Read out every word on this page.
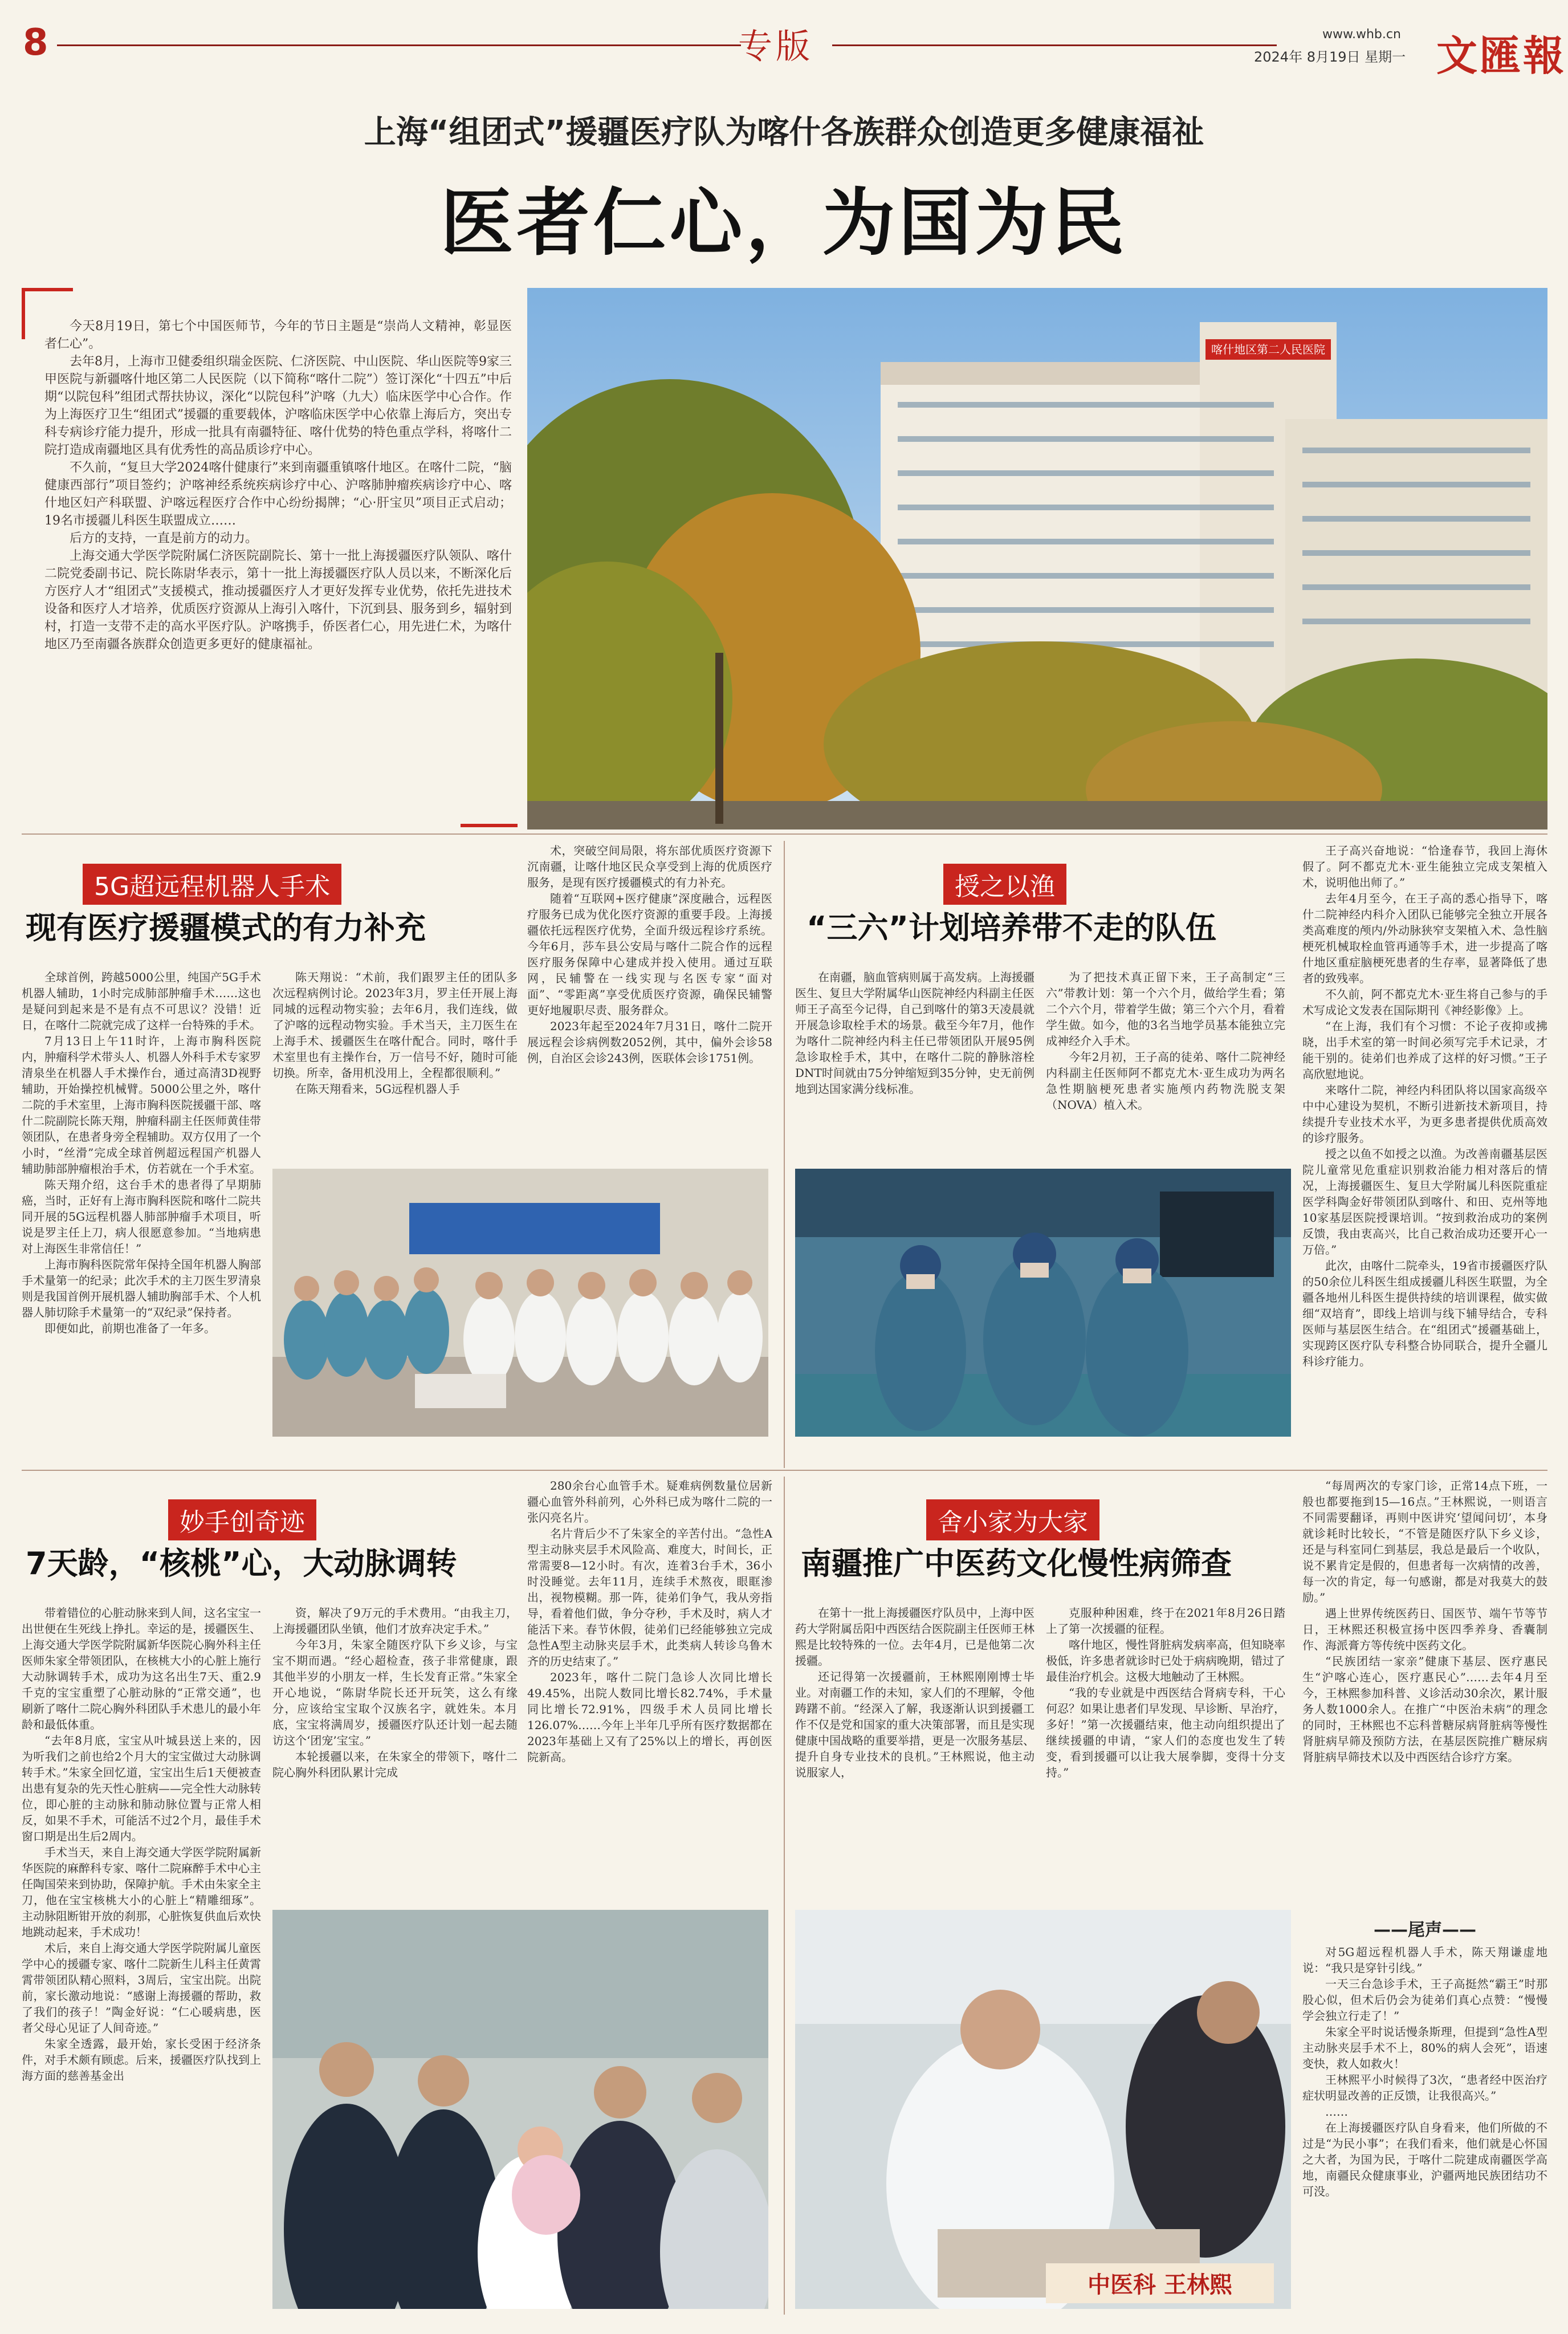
8	专版	www.whb.cn
2024年 8月19日 星期一 文匯報
上海“组团式”援疆医疗队为喀什各族群众创造更多健康福祉
医者仁心，为国为民

今天8月19日，第七个中国医师节，今年的节日主题是“崇尚人文精神，彰显医者仁心”。

去年8月，上海市卫健委组织瑞金医院、仁济医院、中山医院、华山医院等9家三甲医院与新疆喀什地区第二人民医院（以下简称“喀什二院”）签订深化“十四五”中后期“以院包科”组团式帮扶协议，深化“以院包科”沪喀（九大）临床医学中心合作。作为上海医疗卫生“组团式”援疆的重要载体，沪喀临床医学中心依靠上海后方，突出专科专病诊疗能力提升，形成一批具有南疆特征、喀什优势的特色重点学科，将喀什二院打造成南疆地区具有优秀性的高品质诊疗中心。

不久前，“复旦大学2024喀什健康行”来到南疆重镇喀什地区。在喀什二院，“脑健康西部行”项目签约；沪喀神经系统疾病诊疗中心、沪喀肺肿瘤疾病诊疗中心、喀什地区妇产科联盟、沪喀远程医疗合作中心纷纷揭牌；“心·肝宝贝”项目正式启动；19名市援疆儿科医生联盟成立……

后方的支持，一直是前方的动力。

上海交通大学医学院附属仁济医院副院长、第十一批上海援疆医疗队领队、喀什二院党委副书记、院长陈尉华表示，第十一批上海援疆医疗队人员以来，不断深化后方医疗人才“组团式”支援模式，推动援疆医疗人才更好发挥专业优势，依托先进技术设备和医疗人才培养，优质医疗资源从上海引入喀什，下沉到县、服务到乡，辐射到村，打造一支带不走的高水平医疗队。沪喀携手，侨医者仁心，用先进仁术，为喀什地区乃至南疆各族群众创造更多更好的健康福祉。

喀什地区第二人民医院
5G超远程机器人手术
现有医疗援疆模式的有力补充

全球首例，跨越5000公里，纯国产5G手术机器人辅助，1小时完成肺部肿瘤手术……这也是疑问到起来是不是有点不可思议？没错！近日，在喀什二院就完成了这样一台特殊的手术。

7月13日上午11时许，上海市胸科医院内，肿瘤科学术带头人、机器人外科手术专家罗清泉坐在机器人手术操作台，通过高清3D视野辅助，开始操控机械臂。5000公里之外，喀什二院的手术室里，上海市胸科医院援疆干部、喀什二院副院长陈天翔，肿瘤科副主任医师黄佳带领团队，在患者身旁全程辅助。双方仅用了一个小时，“丝滑”完成全球首例超远程国产机器人辅助肺部肿瘤根治手术，仿若就在一个手术室。

陈天翔介绍，这台手术的患者得了早期肺癌，当时，正好有上海市胸科医院和喀什二院共同开展的5G远程机器人肺部肿瘤手术项目，听说是罗主任上刀，病人很愿意参加。“当地病患对上海医生非常信任！”

上海市胸科医院常年保持全国年机器人胸部手术量第一的纪录；此次手术的主刀医生罗清泉则是我国首例开展机器人辅助胸部手术、个人机器人肺切除手术量第一的“双纪录”保持者。

即便如此，前期也准备了一年多。

陈天翔说：“术前，我们跟罗主任的团队多次远程病例讨论。2023年3月，罗主任开展上海同城的远程动物实验；去年6月，我们连线，做了沪喀的远程动物实验。手术当天，主刀医生在上海手术、援疆医生在喀什配合。同时，喀什手术室里也有主操作台，万一信号不好，随时可能切换。所幸，备用机没用上，全程都很顺利。”

在陈天翔看来，5G远程机器人手

术，突破空间局限，将东部优质医疗资源下沉南疆，让喀什地区民众享受到上海的优质医疗服务，是现有医疗援疆模式的有力补充。

随着“互联网+医疗健康”深度融合，远程医疗服务已成为优化医疗资源的重要手段。上海援疆依托远程医疗优势，全面升级远程诊疗系统。今年6月，莎车县公安局与喀什二院合作的远程医疗服务保障中心建成并投入使用。通过互联网，民辅警在一线实现与名医专家“面对面”、“零距离”享受优质医疗资源，确保民辅警更好地履职尽责、服务群众。

2023年起至2024年7月31日，喀什二院开展远程会诊病例数2052例，其中，偏外会诊58例，自治区会诊243例，医联体会诊1751例。

授之以渔
“三六”计划培养带不走的队伍

在南疆，脑血管病则属于高发病。上海援疆医生、复旦大学附属华山医院神经内科副主任医师王子高至今记得，自己到喀什的第3天凌晨就开展急诊取栓手术的场景。截至今年7月，他作为喀什二院神经内科主任已带领团队开展95例急诊取栓手术，其中，在喀什二院的静脉溶栓DNT时间就由75分钟缩短到35分钟，史无前例地到达国家满分线标准。

为了把技术真正留下来，王子高制定“三六”带教计划：第一个六个月，做给学生看；第二个六个月，带着学生做；第三个六个月，看着学生做。如今，他的3名当地学员基本能独立完成神经介入手术。

今年2月初，王子高的徒弟、喀什二院神经内科副主任医师阿不都克尤木·亚生成功为两名急性期脑梗死患者实施颅内药物洗脱支架（NOVA）植入术。

王子高兴奋地说：“恰逢春节，我回上海休假了。阿不都克尤木·亚生能独立完成支架植入术，说明他出师了。”

去年4月至今，在王子高的悉心指导下，喀什二院神经内科介入团队已能够完全独立开展各类高难度的颅内/外动脉狭窄支架植入术、急性脑梗死机械取栓血管再通等手术，进一步提高了喀什地区重症脑梗死患者的生存率，显著降低了患者的致残率。

不久前，阿不都克尤木·亚生将自己参与的手术写成论文发表在国际期刊《神经影像》上。

“在上海，我们有个习惯：不论子夜抑或拂晓，出手术室的第一时间必须写完手术记录，才能干别的。徒弟们也养成了这样的好习惯。”王子高欣慰地说。

来喀什二院，神经内科团队将以国家高级卒中中心建设为契机，不断引进新技术新项目，持续提升专业技术水平，为更多患者提供优质高效的诊疗服务。

授之以鱼不如授之以渔。为改善南疆基层医院儿童常见危重症识别救治能力相对落后的情况，上海援疆医生、复旦大学附属儿科医院重症医学科陶金好带领团队到喀什、和田、克州等地10家基层医院授课培训。“按到救治成功的案例反馈，我由衷高兴，比自己救治成功还要开心一万倍。”

此次，由喀什二院牵头，19省市援疆医疗队的50余位儿科医生组成援疆儿科医生联盟，为全疆各地州儿科医生提供持续的培训课程，做实做细“双培育”，即线上培训与线下辅导结合，专科医师与基层医生结合。在“组团式”援疆基础上，实现跨区医疗队专科整合协同联合，提升全疆儿科诊疗能力。

妙手创奇迹
7天龄，“核桃”心，大动脉调转

带着错位的心脏动脉来到人间，这名宝宝一出世便在生死线上挣扎。幸运的是，援疆医生、上海交通大学医学院附属新华医院心胸外科主任医师朱家全带领团队，在核桃大小的心脏上施行大动脉调转手术，成功为这名出生7天、重2.9千克的宝宝重塑了心脏动脉的“正常交通”，也刷新了喀什二院心胸外科团队手术患儿的最小年龄和最低体重。

“去年8月底，宝宝从叶城县送上来的，因为听我们之前也给2个月大的宝宝做过大动脉调转手术。”朱家全回忆道，宝宝出生后1天便被查出患有复杂的先天性心脏病——完全性大动脉转位，即心脏的主动脉和肺动脉位置与正常人相反，如果不手术，可能活不过2个月，最佳手术窗口期是出生后2周内。

手术当天，来自上海交通大学医学院附属新华医院的麻醉科专家、喀什二院麻醉手术中心主任陶国荣来到协助，保障护航。手术由朱家全主刀，他在宝宝核桃大小的心脏上“精雕细琢”。主动脉阻断钳开放的刹那，心脏恢复供血后欢快地跳动起来，手术成功！

术后，来自上海交通大学医学院附属儿童医学中心的援疆专家、喀什二院新生儿科主任黄霄霄带领团队精心照料，3周后，宝宝出院。出院前，家长激动地说：“感谢上海援疆的帮助，救了我们的孩子！”陶金好说：“仁心暖病患，医者父母心见证了人间奇迹。”

朱家全透露，最开始，家长受困于经济条件，对手术颇有顾虑。后来，援疆医疗队找到上海方面的慈善基金出

资，解决了9万元的手术费用。“由我主刀，上海援疆团队坐镇，他们才放弃决定手术。”

今年3月，朱家全随医疗队下乡义诊，与宝宝不期而遇。“经心超检查，孩子非常健康，跟其他半岁的小朋友一样，生长发育正常。”朱家全开心地说，“陈尉华院长还开玩笑，这么有缘分，应该给宝宝取个汉族名字，就姓朱。本月底，宝宝将满周岁，援疆医疗队还计划一起去随访这个‘团宠’宝宝。”

本轮援疆以来，在朱家全的带领下，喀什二院心胸外科团队累计完成

280余台心血管手术。疑难病例数量位居新疆心血管外科前列，心外科已成为喀什二院的一张闪亮名片。

名片背后少不了朱家全的辛苦付出。“急性A型主动脉夹层手术风险高、难度大，时间长，正常需要8—12小时。有次，连着3台手术，36小时没睡觉。去年11月，连续手术熬夜，眼眶渗出，视物模糊。那一阵，徒弟们争气，我从旁指导，看着他们做，争分夺秒，手术及时，病人才能活下来。春节休假，徒弟们已经能够独立完成急性A型主动脉夹层手术，此类病人转诊乌鲁木齐的历史结束了。”

2023年，喀什二院门急诊人次同比增长49.45%，出院人数同比增长82.74%，手术量同比增长72.91%，四级手术人员同比增长126.07%……今年上半年几乎所有医疗数据都在2023年基础上又有了25%以上的增长，再创医院新高。

舍小家为大家
南疆推广中医药文化慢性病筛查

在第十一批上海援疆医疗队员中，上海中医药大学附属岳阳中西医结合医院副主任医师王林熙是比较特殊的一位。去年4月，已是他第二次援疆。

还记得第一次援疆前，王林熙刚刚博士毕业。对南疆工作的未知，家人们的不理解，令他踌躇不前。“经深入了解，我逐渐认识到援疆工作不仅是党和国家的重大决策部署，而且是实现健康中国战略的重要举措，更是一次服务基层、提升自身专业技术的良机。”王林熙说，他主动说服家人，

克服种种困难，终于在2021年8月26日踏上了第一次援疆的征程。

喀什地区，慢性肾脏病发病率高，但知晓率极低，许多患者就诊时已处于病病晚期，错过了最佳治疗机会。这极大地触动了王林熙。

“我的专业就是中西医结合肾病专科，干心何忍？如果让患者们早发现、早诊断、早治疗，多好！”第一次援疆结束，他主动向组织提出了继续援疆的申请，“家人们的态度也发生了转变，看到援疆可以让我大展拳脚，变得十分支持。”

“每周两次的专家门诊，正常14点下班，一般也都要拖到15—16点。”王林熙说，一则语言不同需要翻译，再则中医讲究‘望闻问切’，本身就诊耗时比较长，“不管是随医疗队下乡义诊，还是与科室同仁到基层，我总是最后一个收队，说不累肯定是假的，但患者每一次病情的改善，每一次的肯定，每一句感谢，都是对我莫大的鼓励。”

遇上世界传统医药日、国医节、端午节等节日，王林熙还积极宣扬中医四季养身、香囊制作、海派膏方等传统中医药文化。

“民族团结一家亲”健康下基层、医疗惠民生“沪喀心连心，医疗惠民心”……去年4月至今，王林熙参加科普、义诊活动30余次，累计服务人数1000余人。在推广“中医治未病”的理念的同时，王林熙也不忘科普糖尿病肾脏病等慢性肾脏病早筛及预防方法，在基层医院推广糖尿病肾脏病早筛技术以及中西医结合诊疗方案。

中医科 王林熙
——尾声——

对5G超远程机器人手术，陈天翔谦虚地说：“我只是穿针引线。”

一天三台急诊手术，王子高挺然“霸王”时那股心似，但术后仍会为徒弟们真心点赞：“慢慢学会独立行走了！”

朱家全平时说话慢条斯理，但提到“急性A型主动脉夹层手术不上，80%的病人会死”，语速变快，救人如救火！

王林熙平小时候得了3次，“患者经中医治疗症状明显改善的正反馈，让我很高兴。”

……

在上海援疆医疗队自身看来，他们所做的不过是“为民小事”；在我们看来，他们就是心怀国之大者，为国为民，于喀什二院建成南疆医学高地，南疆民众健康事业，沪疆两地民族团结功不可没。
